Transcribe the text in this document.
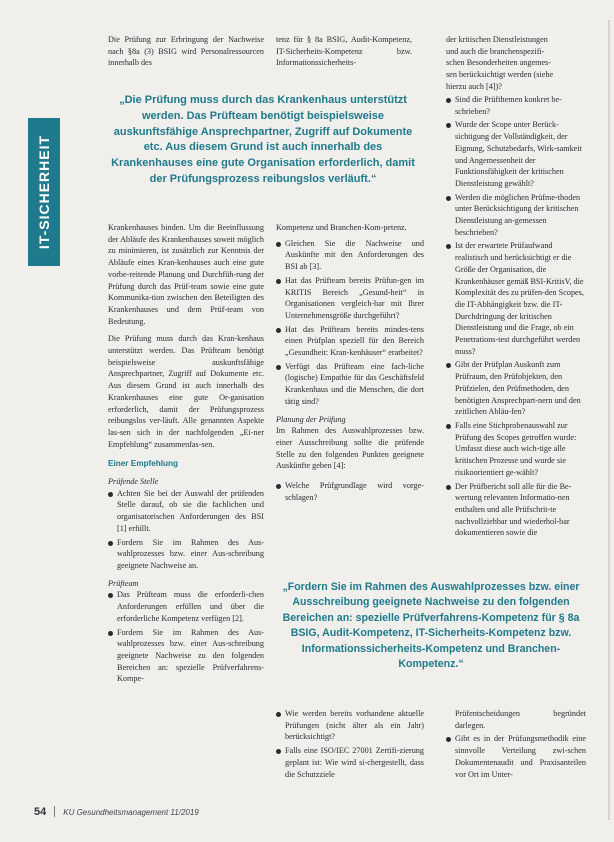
IT-SICHERHEIT

Die Prüfung zur Erbringung der Nachweise nach §8a (3) BSIG wird Personalressourcen innerhalb des

tenz für § 8a BSIG, Audit-Kompetenz, IT-Sicherheits-Kompetenz bzw. Informationssicherheits-

der kritischen Dienstleistungen

und auch die branchenspezifi-

schen Besonderheiten angemes-

sen berücksichtigt werden (siehe

hierzu auch [4])?

„Die Prüfung muss durch das Krankenhaus unterstützt werden. Das Prüfteam benötigt beispielsweise auskunftsfähige Ansprechpartner, Zugriff auf Dokumente etc. Aus diesem Grund ist auch innerhalb des Krankenhauses eine gute Organisation erforderlich, damit der Prüfungsprozess reibungslos verläuft.“

Sind die Prüfthemen konkret be-schrieben?
Wurde der Scope unter Berück-sichtigung der Vollständigkeit, der Eignung, Schutzbedarfs, Wirk-samkeit und Angemessenheit der Funktionsfähigkeit der kritischen Dienstleistung gewählt?
Werden die möglichen Prüfme-thoden unter Berücksichtigung der kritischen Dienstleistung an-gemessen beschrieben?
Ist der erwartete Prüfaufwand realistisch und berücksichtigt er die Größe der Organisation, die Krankenhäuser gemäß BSI-KritisV, die Komplexität des zu prüfen-den Scopes, die IT-Abhängigkeit bzw. die IT-Durchdringung der kritischen Dienstleistung und die Frage, ob ein Penetrations-test durchgeführt werden muss?
Gibt der Prüfplan Auskunft zum Prüfraum, den Prüfobjekten, den Prüfzielen, den Prüfmethoden, den benötigten Ansprechpart-nern und den zeitlichen Abläu-fen?
Falls eine Stichprobenauswahl zur Prüfung des Scopes getroffen wurde: Umfasst diese auch wich-tige alle kritischen Prozesse und wurde sie risikoorientiert ge-wählt?
Der Prüfbericht soll alle für die Be-wertung relevanten Informatio-nen enthalten und alle Prüfschrit-te nachvollziehbar und wiederhol-bar dokumentieren sowie die

Krankenhauses binden. Um die Beeinflussung der Abläufe des Krankenhauses soweit möglich zu minimieren, ist zusätzlich zur Kenntnis der Abläufe eines Kran-kenhauses auch eine gute vorbe-reitende Planung und Durchfüh-rung der Prüfung durch das Prüf-team sowie eine gute Kommunika-tion zwischen den Beteiligten des Krankenhauses und dem Prüf-team von Bedeutung.

Die Prüfung muss durch das Kran-kenhaus unterstützt werden. Das Prüfteam benötigt beispielsweise auskunftsfähige Ansprechpartner, Zugriff auf Dokumente etc. Aus diesem Grund ist auch innerhalb des Krankenhauses eine gute Or-ganisation erforderlich, damit der Prüfungsprozess reibungslos ver-läuft. Alle genannten Aspekte las-sen sich in der nachfolgenden „Ei-ner Empfehlung“ zusammenfas-sen.

Einer Empfehlung
Prüfende Stelle
Achten Sie bei der Auswahl der prüfenden Stelle darauf, ob sie die fachlichen und organisatorischen Anforderungen des BSI [1] erfüllt.
Fordern Sie im Rahmen des Aus-wahlprozesses bzw. einer Aus-schreibung geeignete Nachweise an.
Prüfteam
Das Prüfteam muss die erforderli-chen Anforderungen erfüllen und über die erforderliche Kompetenz verfügen [2].
Fordern Sie im Rahmen des Aus-wahlprozesses bzw. einer Aus-schreibung geeignete Nachweise zu den folgenden Bereichen an: spezielle Prüfverfahrens-Kompe-

Kompetenz und Branchen-Kom-petenz.

Gleichen Sie die Nachweise und Auskünfte mit den Anforderungen des BSI ab [3].
Hat das Prüfteam bereits Prüfun-gen im KRITIS Bereich „Gesund-heit“ in Organisationen vergleich-bar mit Ihrer Unternehmensgröße durchgeführt?
Hat das Prüfteam bereits mindes-tens einen Prüfplan speziell für den Bereich „Gesundheit: Kran-kenhäuser“ erarbeitet?
Verfügt das Prüfteam eine fach-liche (logische) Empathie für das Geschäftsfeld Krankenhaus und die Menschen, die dort tätig sind?
Planung der Prüfung

Im Rahmen des Auswahlprozesses bzw. einer Ausschreibung sollte die prüfende Stelle zu den folgenden Punkten geeignete Auskünfte geben [4]:

Welche Prüfgrundlage wird vorge-schlagen?

„Fordern Sie im Rahmen des Auswahlprozesses bzw. einer Ausschreibung geeignete Nachweise zu den folgenden Bereichen an: spezielle Prüfverfahrens-Kompetenz für § 8a BSIG, Audit-Kompetenz, IT-Sicherheits-Kompetenz bzw. Informationssicherheits-Kompetenz und Branchen-Kompetenz.“

Wie werden bereits vorhandene aktuelle Prüfungen (nicht älter als ein Jahr) berücksichtigt?
Falls eine ISO/IEC 27001 Zertifi-zierung geplant ist: Wie wird si-chergestellt, dass die Schutzziele

Prüfentscheidungen begründet darlegen.

Gibt es in der Prüfungsmethodik eine sinnvolle Verteilung zwi-schen Dokumentenaudit und Praxisanteilen vor Ort im Unter-
54 KU Gesundheitsmanagement 11/2019
